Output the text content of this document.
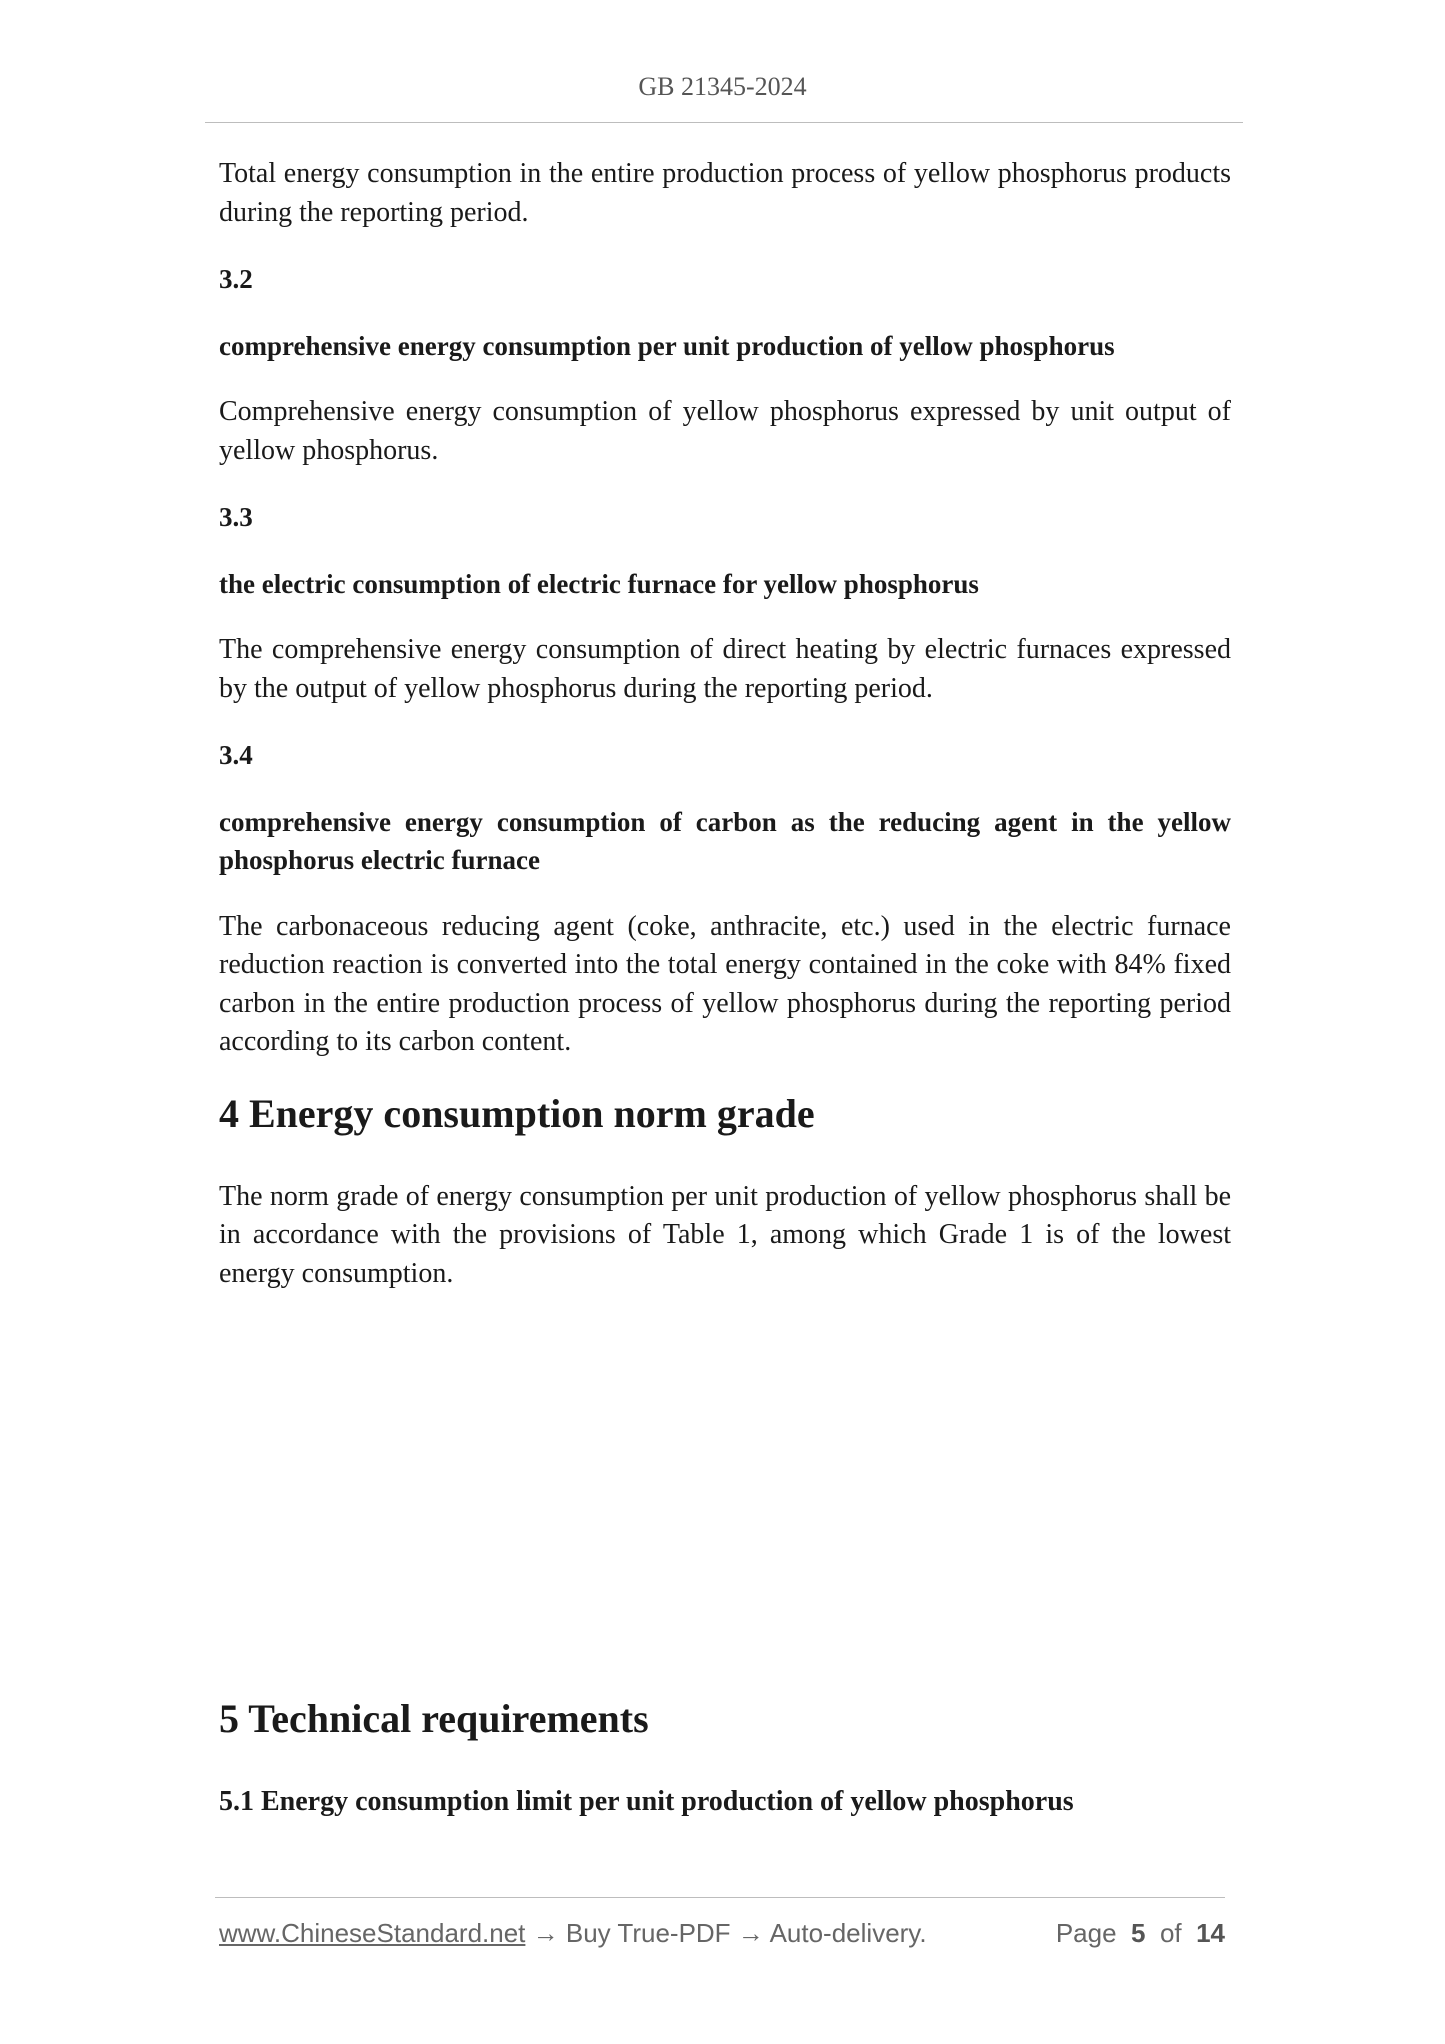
GB 21345-2024

Total energy consumption in the entire production process of yellow phosphorus products during the reporting period.

3.2
comprehensive energy consumption per unit production of yellow phosphorus

Comprehensive energy consumption of yellow phosphorus expressed by unit output of yellow phosphorus.

3.3
the electric consumption of electric furnace for yellow phosphorus

The comprehensive energy consumption of direct heating by electric furnaces expressed by the output of yellow phosphorus during the reporting period.

3.4
comprehensive energy consumption of carbon as the reducing agent in the yellow phosphorus electric furnace

The carbonaceous reducing agent (coke, anthracite, etc.) used in the electric furnace reduction reaction is converted into the total energy contained in the coke with 84% fixed carbon in the entire production process of yellow phosphorus during the reporting period according to its carbon content.

4 Energy consumption norm grade

The norm grade of energy consumption per unit production of yellow phosphorus shall be in accordance with the provisions of Table 1, among which Grade 1 is of the lowest energy consumption.

5 Technical requirements
5.1 Energy consumption limit per unit production of yellow phosphorus
www.ChineseStandard.net → Buy True-PDF → Auto-delivery.	Page 5 of 14
